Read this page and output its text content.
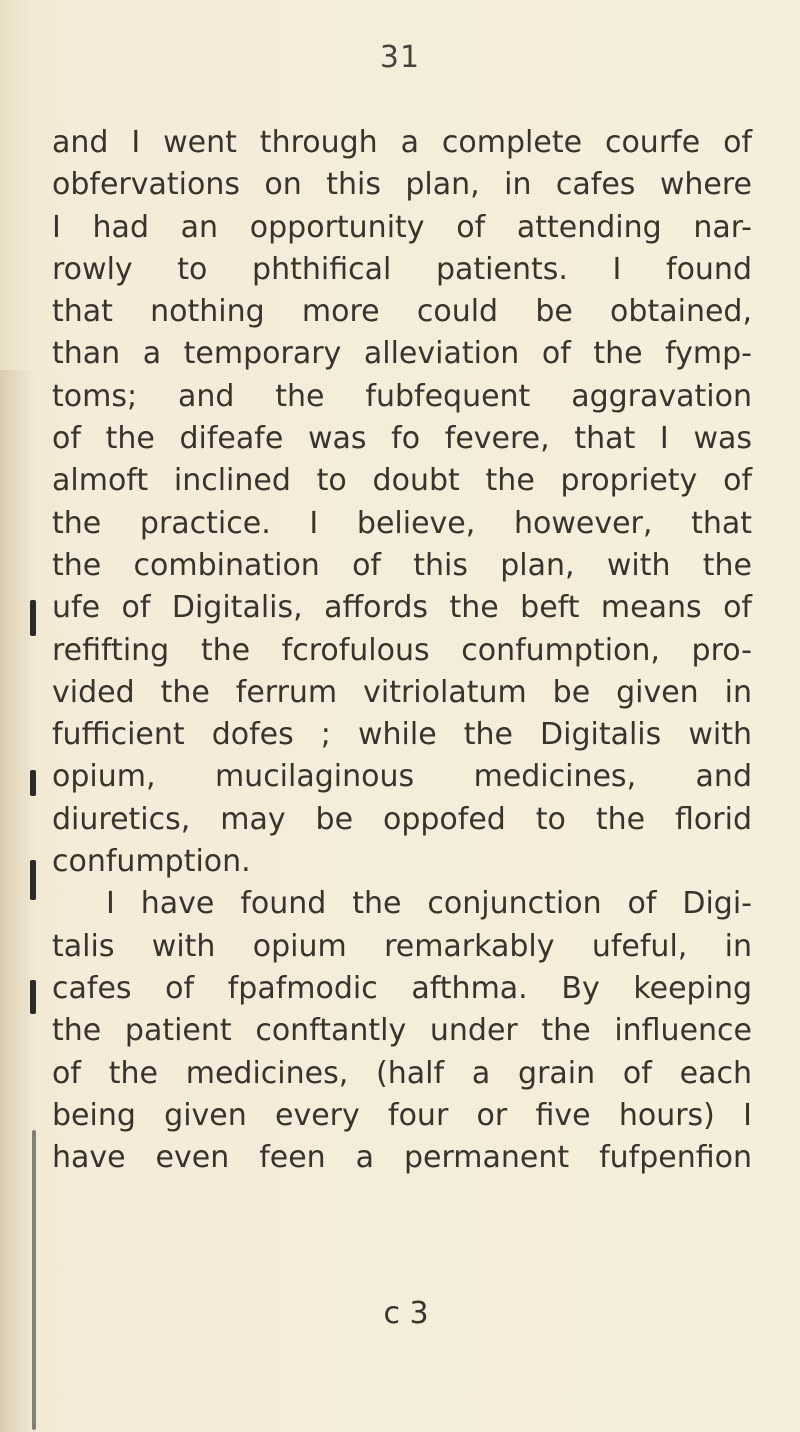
31
and I went through a complete courfe of
obfervations on this plan, in cafes where
I had an opportunity of attending nar-
rowly to phthifical patients. I found
that nothing more could be obtained,
than a temporary alleviation of the fymp-
toms; and the fubfequent aggravation
of the difeafe was fo fevere, that I was
almoft inclined to doubt the propriety of
the practice. I believe, however, that
the combination of this plan, with the
ufe of Digitalis, affords the beft means of
refifting the fcrofulous confumption, pro-
vided the ferrum vitriolatum be given in
fufficient dofes ; while the Digitalis with
opium, mucilaginous medicines, and
diuretics, may be oppofed to the florid
confumption.
I have found the conjunction of Digi-
talis with opium remarkably ufeful, in
cafes of fpafmodic afthma. By keeping
the patient conftantly under the influence
of the medicines, (half a grain of each
being given every four or five hours) I
have even feen a permanent fufpenfion
c 3
